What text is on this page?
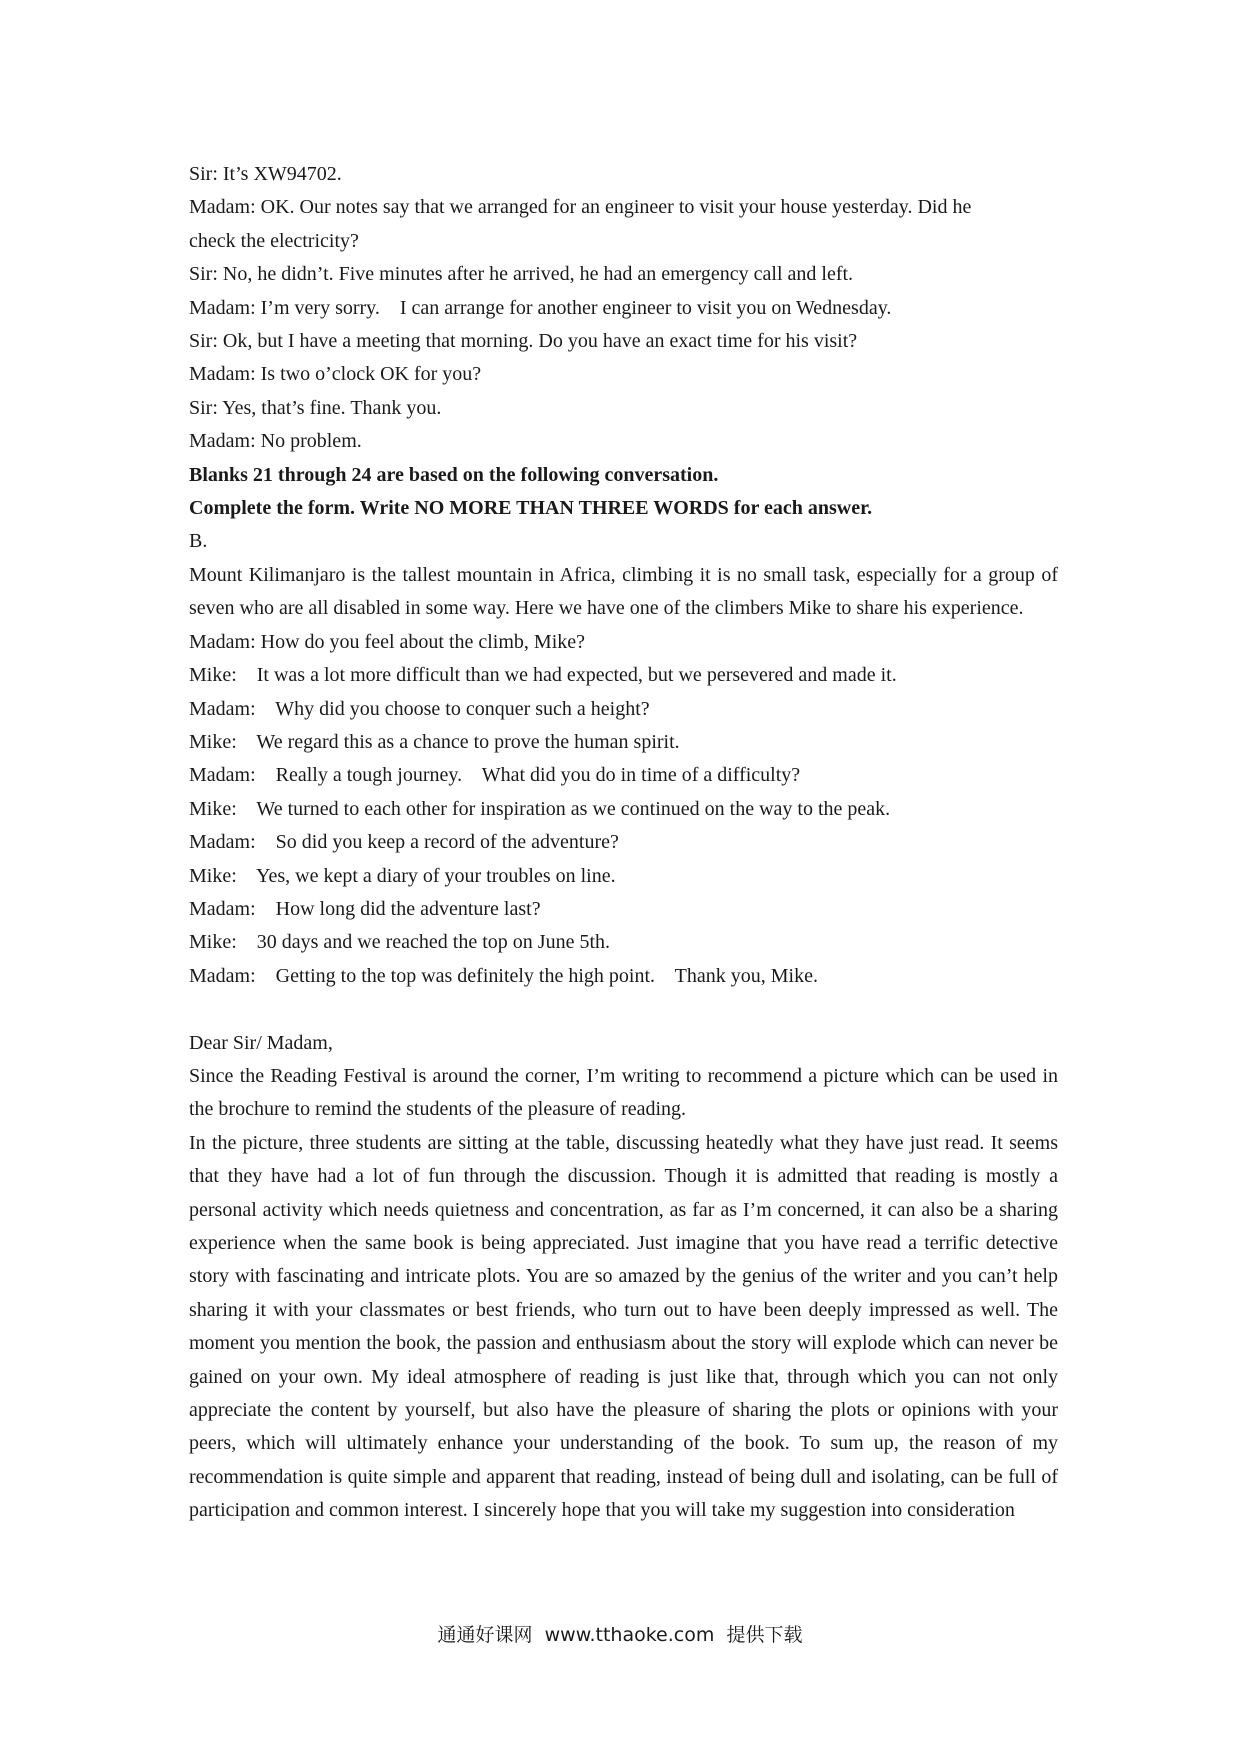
Sir: It’s XW94702.
Madam: OK. Our notes say that we arranged for an engineer to visit your house yesterday. Did he
check the electricity?
Sir: No, he didn’t. Five minutes after he arrived, he had an emergency call and left.
Madam: I’m very sorry.    I can arrange for another engineer to visit you on Wednesday.
Sir: Ok, but I have a meeting that morning. Do you have an exact time for his visit?
Madam: Is two o’clock OK for you?
Sir: Yes, that’s fine. Thank you.
Madam: No problem.
Blanks 21 through 24 are based on the following conversation.
Complete the form. Write NO MORE THAN THREE WORDS for each answer.
B.

Mount Kilimanjaro is the tallest mountain in Africa, climbing it is no small task, especially for a group of seven who are all disabled in some way. Here we have one of the climbers Mike to share his experience.

Madam: How do you feel about the climb, Mike?
Mike:    It was a lot more difficult than we had expected, but we persevered and made it.
Madam:    Why did you choose to conquer such a height?
Mike:    We regard this as a chance to prove the human spirit.
Madam:    Really a tough journey.    What did you do in time of a difficulty?
Mike:    We turned to each other for inspiration as we continued on the way to the peak.
Madam:    So did you keep a record of the adventure?
Mike:    Yes, we kept a diary of your troubles on line.
Madam:    How long did the adventure last?
Mike:    30 days and we reached the top on June 5th.
Madam:    Getting to the top was definitely the high point.    Thank you, Mike.
Dear Sir/ Madam,

Since the Reading Festival is around the corner, I’m writing to recommend a picture which can be used in the brochure to remind the students of the pleasure of reading.

In the picture, three students are sitting at the table, discussing heatedly what they have just read. It seems that they have had a lot of fun through the discussion. Though it is admitted that reading is mostly a personal activity which needs quietness and concentration, as far as I’m concerned, it can also be a sharing experience when the same book is being appreciated. Just imagine that you have read a terrific detective story with fascinating and intricate plots. You are so amazed by the genius of the writer and you can’t help sharing it with your classmates or best friends, who turn out to have been deeply impressed as well. The moment you mention the book, the passion and enthusiasm about the story will explode which can never be gained on your own. My ideal atmosphere of reading is just like that, through which you can not only appreciate the content by yourself, but also have the pleasure of sharing the plots or opinions with your peers, which will ultimately enhance your understanding of the book. To sum up, the reason of my recommendation is quite simple and apparent that reading, instead of being dull and isolating, can be full of participation and common interest. I sincerely hope that you will take my suggestion into consideration

通通好课网  www.tthaoke.com  提供下载
